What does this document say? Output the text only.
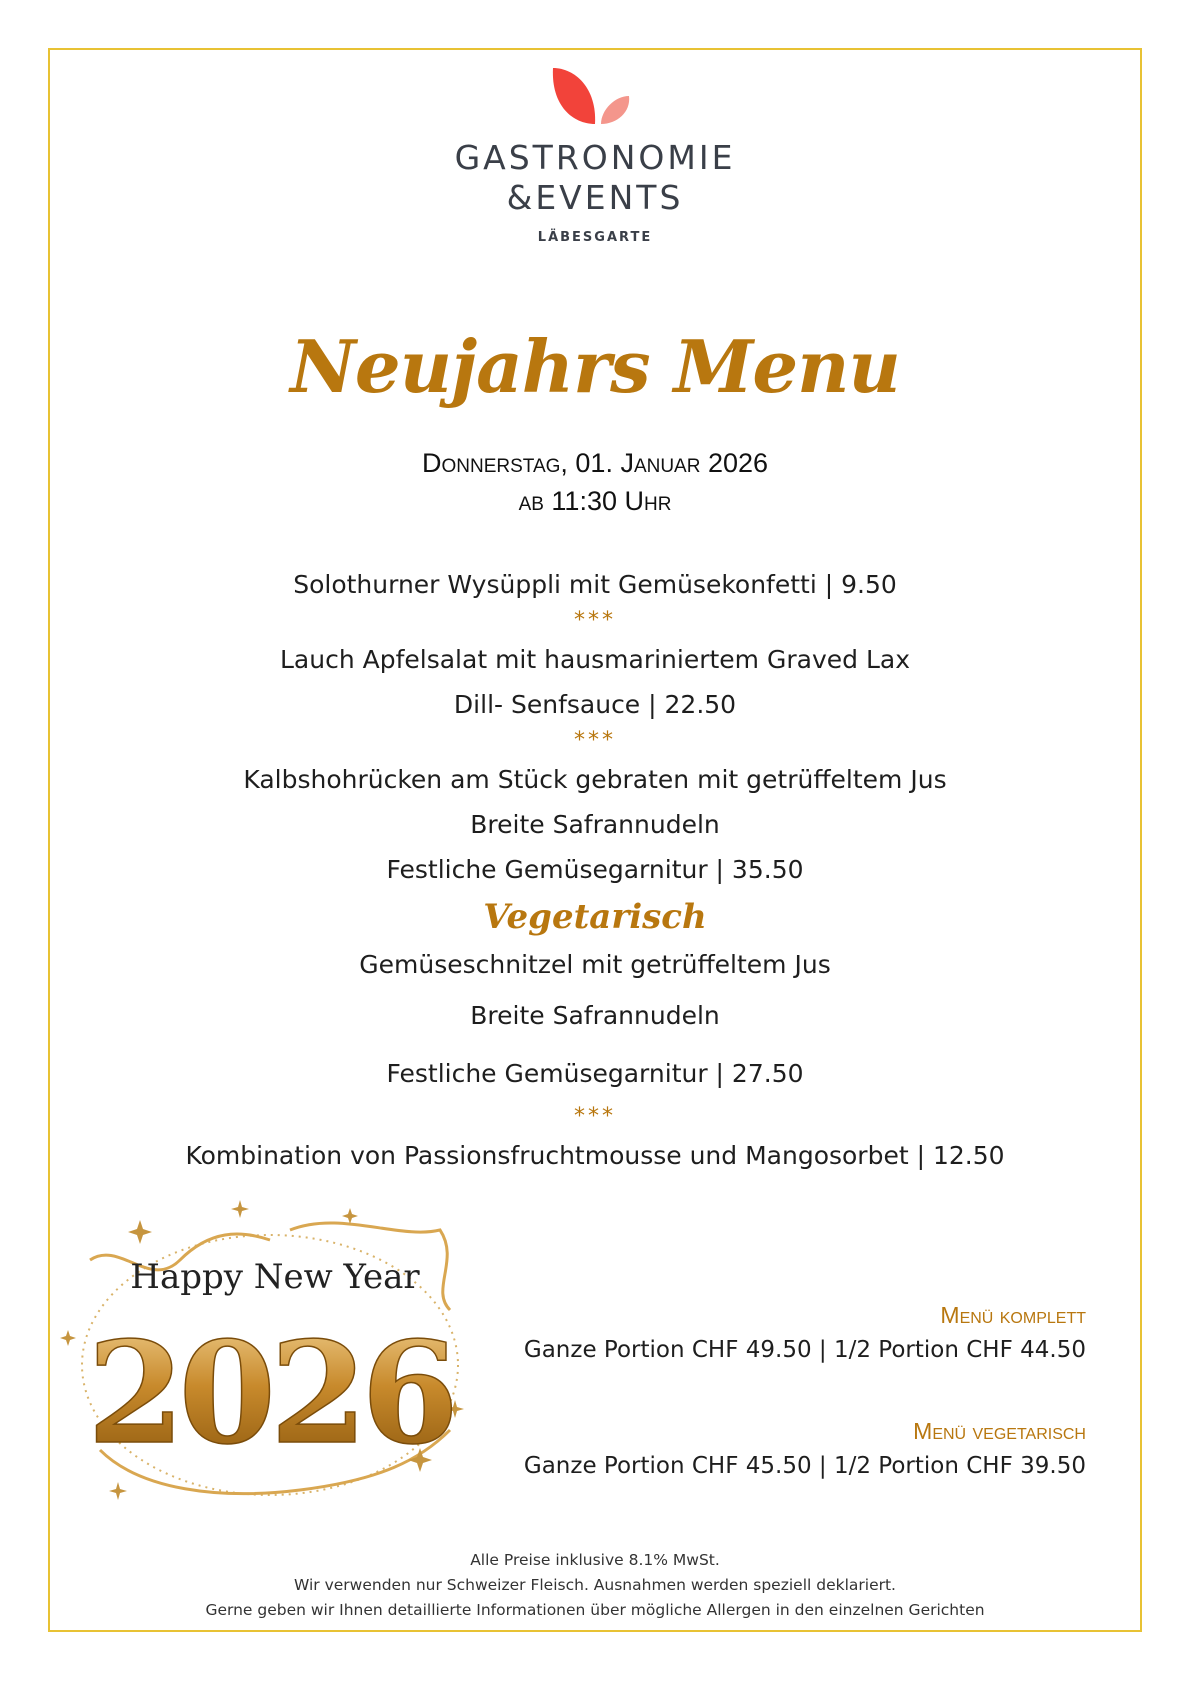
GASTRONOMIE
&EVENTS
LÄBESGARTE
Neujahrs Menu
Donnerstag, 01. Januar 2026
ab 11:30 Uhr
Solothurner Wysüppli mit Gemüsekonfetti | 9.50
***
Lauch Apfelsalat mit hausmariniertem Graved Lax
Dill- Senfsauce | 22.50
***
Kalbshohrücken am Stück gebraten mit getrüffeltem Jus
Breite Safrannudeln
Festliche Gemüsegarnitur | 35.50
Vegetarisch
Gemüseschnitzel mit getrüffeltem Jus
Breite Safrannudeln
Festliche Gemüsegarnitur | 27.50
***
Kombination von Passionsfruchtmousse und Mangosorbet | 12.50
Happy New Year
2026	Menü komplett
Ganze Portion CHF 49.50 | 1/2 Portion CHF 44.50
Menü vegetarisch
Ganze Portion CHF 45.50 | 1/2 Portion CHF 39.50
Alle Preise inklusive 8.1% MwSt.
Wir verwenden nur Schweizer Fleisch. Ausnahmen werden speziell deklariert.
Gerne geben wir Ihnen detaillierte Informationen über mögliche Allergen in den einzelnen Gerichten
